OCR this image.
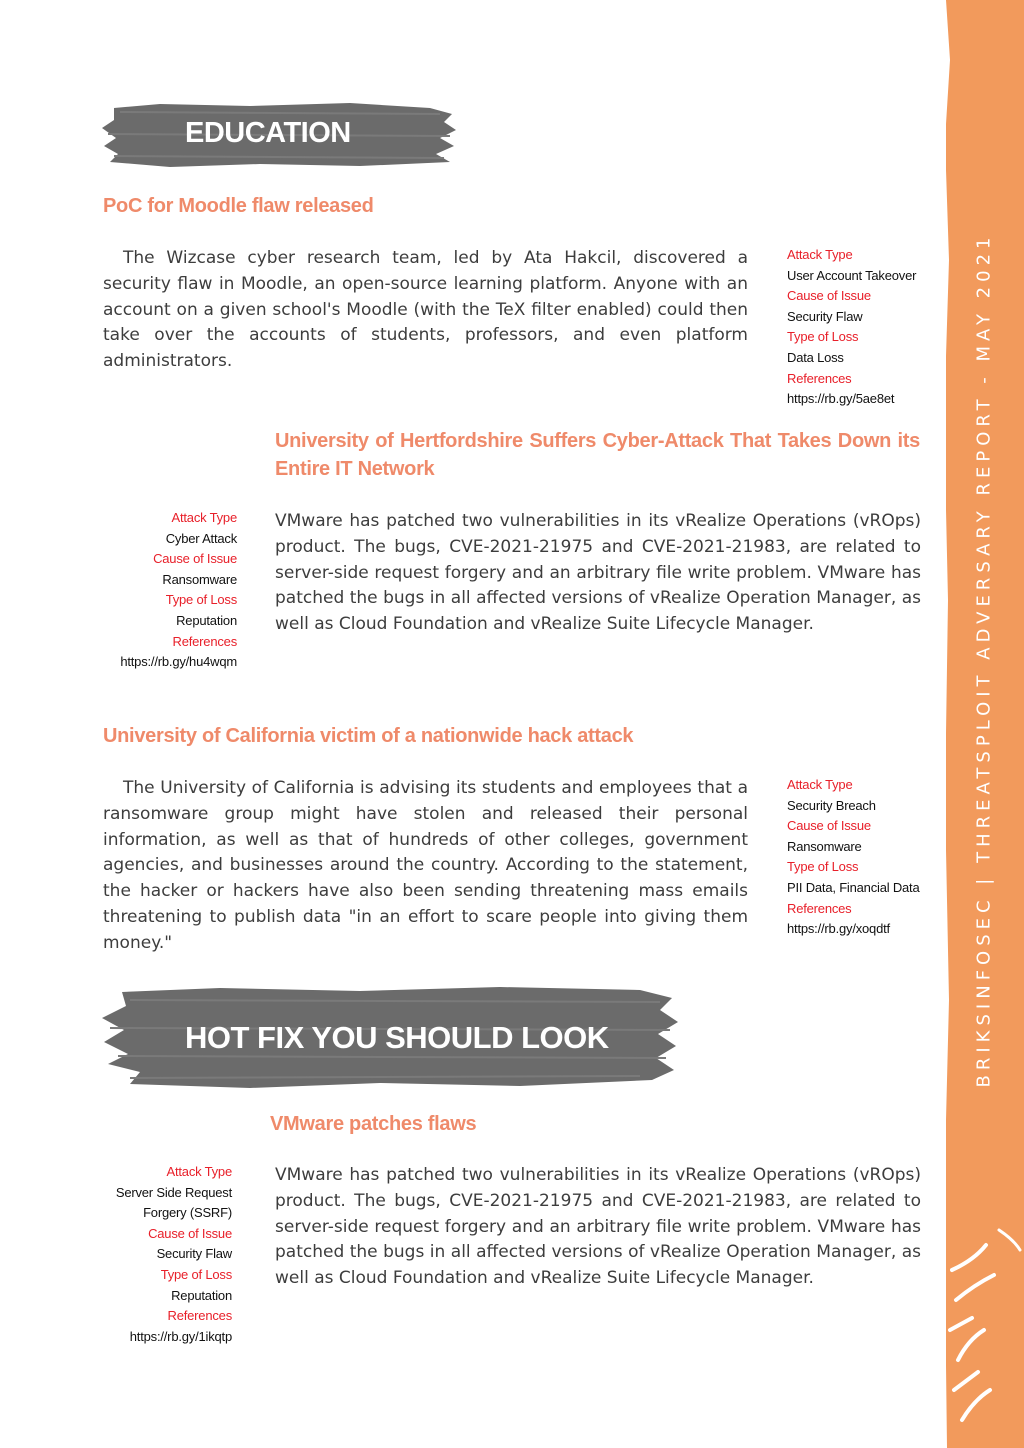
BRIKSINFOSEC | THREATSPLOIT ADVERSARY REPORT - MAY 2021
EDUCATION
PoC for Moodle flaw released
The Wizcase cyber research team, led by Ata Hakcil, discovered a security flaw in Moodle, an open-source learning platform. Anyone with an account on a given school's Moodle (with the TeX filter enabled) could then take over the accounts of students, professors, and even platform administrators.
Attack Type
User Account Takeover
Cause of Issue
Security Flaw
Type of Loss
Data Loss
References
https://rb.gy/5ae8et
University of Hertfordshire Suffers Cyber-Attack That Takes Down its Entire IT Network
Attack Type
Cyber Attack
Cause of Issue
Ransomware
Type of Loss
Reputation
References
https://rb.gy/hu4wqm
VMware has patched two vulnerabilities in its vRealize Operations (vROps) product. The bugs, CVE-2021-21975 and CVE-2021-21983, are related to server-side request forgery and an arbitrary file write problem. VMware has patched the bugs in all affected versions of vRealize Operation Manager, as well as Cloud Foundation and vRealize Suite Lifecycle Manager.
University of California victim of a nationwide hack attack
The University of California is advising its students and employees that a ransomware group might have stolen and released their personal information, as well as that of hundreds of other colleges, government agencies, and businesses around the country. According to the statement, the hacker or hackers have also been sending threatening mass emails threatening to publish data "in an effort to scare people into giving them money."
Attack Type
Security Breach
Cause of Issue
Ransomware
Type of Loss
PII Data, Financial Data
References
https://rb.gy/xoqdtf
HOT FIX YOU SHOULD LOOK
VMware patches flaws
Attack Type
Server Side Request
Forgery (SSRF)
Cause of Issue
Security Flaw
Type of Loss
Reputation
References
https://rb.gy/1ikqtp
VMware has patched two vulnerabilities in its vRealize Operations (vROps) product. The bugs, CVE-2021-21975 and CVE-2021-21983, are related to server-side request forgery and an arbitrary file write problem. VMware has patched the bugs in all affected versions of vRealize Operation Manager, as well as Cloud Foundation and vRealize Suite Lifecycle Manager.
